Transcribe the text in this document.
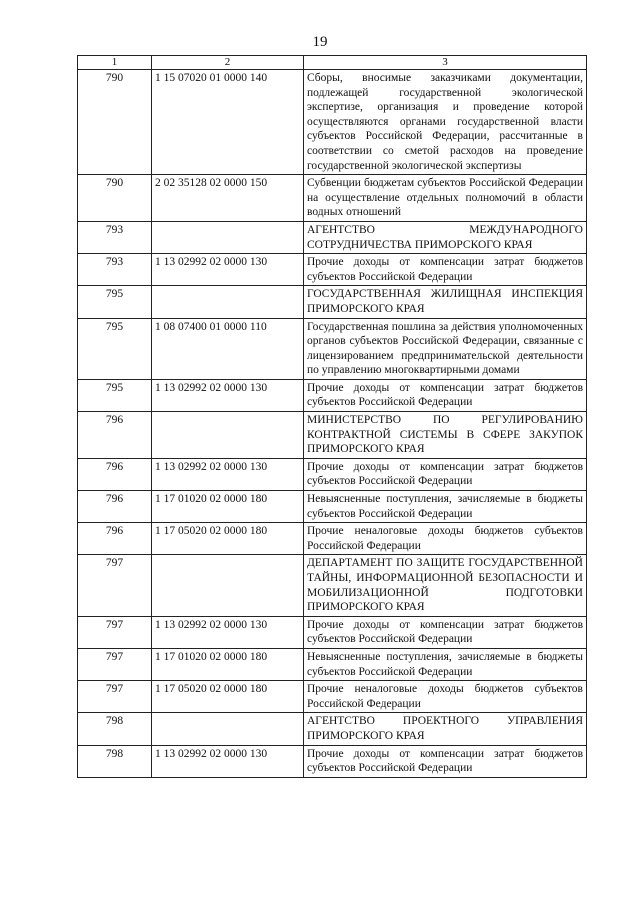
19
1	2	3
790	1 15 07020 01 0000 140	Сборы, вносимые заказчиками документации, подлежащей государственной экологической экспертизе, организация и проведение которой осуществляются органами государственной власти субъектов Российской Федерации, рассчитанные в соответствии со сметой расходов на проведение государственной экологической экспертизы
790	2 02 35128 02 0000 150	Субвенции бюджетам субъектов Российской Федерации на осуществление отдельных полномочий в области водных отношений
793		АГЕНТСТВО МЕЖДУНАРОДНОГО СОТРУДНИЧЕСТВА ПРИМОРСКОГО КРАЯ
793	1 13 02992 02 0000 130	Прочие доходы от компенсации затрат бюджетов субъектов Российской Федерации
795		ГОСУДАРСТВЕННАЯ ЖИЛИЩНАЯ ИНСПЕКЦИЯ ПРИМОРСКОГО КРАЯ
795	1 08 07400 01 0000 110	Государственная пошлина за действия уполномоченных органов субъектов Российской Федерации, связанные с лицензированием предпринимательской деятельности по управлению многоквартирными домами
795	1 13 02992 02 0000 130	Прочие доходы от компенсации затрат бюджетов субъектов Российской Федерации
796		МИНИСТЕРСТВО ПО РЕГУЛИРОВАНИЮ КОНТРАКТНОЙ СИСТЕМЫ В СФЕРЕ ЗАКУПОК ПРИМОРСКОГО КРАЯ
796	1 13 02992 02 0000 130	Прочие доходы от компенсации затрат бюджетов субъектов Российской Федерации
796	1 17 01020 02 0000 180	Невыясненные поступления, зачисляемые в бюджеты субъектов Российской Федерации
796	1 17 05020 02 0000 180	Прочие неналоговые доходы бюджетов субъектов Российской Федерации
797		ДЕПАРТАМЕНТ ПО ЗАЩИТЕ ГОСУДАРСТВЕННОЙ ТАЙНЫ, ИНФОРМАЦИОННОЙ БЕЗОПАСНОСТИ И МОБИЛИЗАЦИОННОЙ ПОДГОТОВКИ ПРИМОРСКОГО КРАЯ
797	1 13 02992 02 0000 130	Прочие доходы от компенсации затрат бюджетов субъектов Российской Федерации
797	1 17 01020 02 0000 180	Невыясненные поступления, зачисляемые в бюджеты субъектов Российской Федерации
797	1 17 05020 02 0000 180	Прочие неналоговые доходы бюджетов субъектов Российской Федерации
798		АГЕНТСТВО ПРОЕКТНОГО УПРАВЛЕНИЯ ПРИМОРСКОГО КРАЯ
798	1 13 02992 02 0000 130	Прочие доходы от компенсации затрат бюджетов субъектов Российской Федерации
